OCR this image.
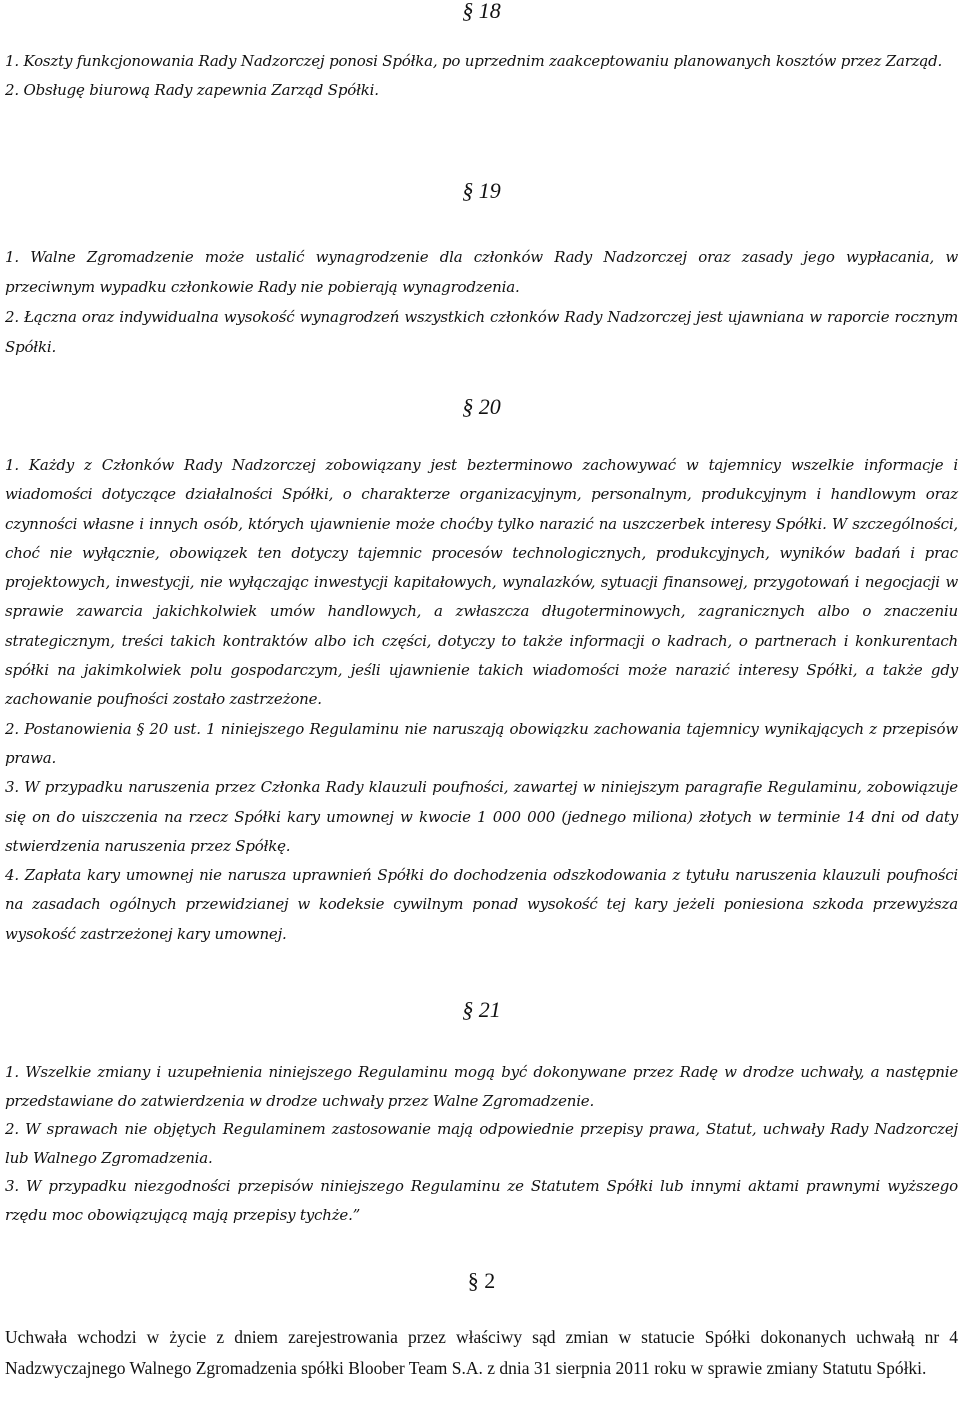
§ 18

1. Koszty funkcjonowania Rady Nadzorczej ponosi Spółka, po uprzednim zaakceptowaniu planowanych kosztów przez Zarząd.

2. Obsługę biurową Rady zapewnia Zarząd Spółki.

§ 19

1. Walne Zgromadzenie może ustalić wynagrodzenie dla członków Rady Nadzorczej oraz zasady jego wypłacania, w przeciwnym wypadku członkowie Rady nie pobierają wynagrodzenia.

2. Łączna oraz indywidualna wysokość wynagrodzeń wszystkich członków Rady Nadzorczej jest ujawniana w raporcie rocznym Spółki.

§ 20

1. Każdy z Członków Rady Nadzorczej zobowiązany jest bezterminowo zachowywać w tajemnicy wszelkie informacje i wiadomości dotyczące działalności Spółki, o charakterze organizacyjnym, personalnym, produkcyjnym i handlowym oraz czynności własne i innych osób, których ujawnienie może choćby tylko narazić na uszczerbek interesy Spółki. W szczególności, choć nie wyłącznie, obowiązek ten dotyczy tajemnic procesów technologicznych, produkcyjnych, wyników badań i prac projektowych, inwestycji, nie wyłączając inwestycji kapitałowych, wynalazków, sytuacji finansowej, przygotowań i negocjacji w sprawie zawarcia jakichkolwiek umów handlowych, a zwłaszcza długoterminowych, zagranicznych albo o znaczeniu strategicznym, treści takich kontraktów albo ich części, dotyczy to także informacji o kadrach, o partnerach i konkurentach spółki na jakimkolwiek polu gospodarczym, jeśli ujawnienie takich wiadomości może narazić interesy Spółki, a także gdy zachowanie poufności zostało zastrzeżone.

2. Postanowienia § 20 ust. 1 niniejszego Regulaminu nie naruszają obowiązku zachowania tajemnicy wynikających z przepisów prawa.

3. W przypadku naruszenia przez Członka Rady klauzuli poufności, zawartej w niniejszym paragrafie Regulaminu, zobowiązuje się on do uiszczenia na rzecz Spółki kary umownej w kwocie 1 000 000 (jednego miliona) złotych w terminie 14 dni od daty stwierdzenia naruszenia przez Spółkę.

4. Zapłata kary umownej nie narusza uprawnień Spółki do dochodzenia odszkodowania z tytułu naruszenia klauzuli poufności na zasadach ogólnych przewidzianej w kodeksie cywilnym ponad wysokość tej kary jeżeli poniesiona szkoda przewyższa wysokość zastrzeżonej kary umownej.

§ 21

1. Wszelkie zmiany i uzupełnienia niniejszego Regulaminu mogą być dokonywane przez Radę w drodze uchwały, a następnie przedstawiane do zatwierdzenia w drodze uchwały przez Walne Zgromadzenie.

2. W sprawach nie objętych Regulaminem zastosowanie mają odpowiednie przepisy prawa, Statut, uchwały Rady Nadzorczej lub Walnego Zgromadzenia.

3. W przypadku niezgodności przepisów niniejszego Regulaminu ze Statutem Spółki lub innymi aktami prawnymi wyższego rzędu moc obowiązującą mają przepisy tychże.”

§ 2

Uchwała wchodzi w życie z dniem zarejestrowania przez właściwy sąd zmian w statucie Spółki dokonanych uchwałą nr 4 Nadzwyczajnego Walnego Zgromadzenia spółki Bloober Team S.A. z dnia 31 sierpnia 2011 roku w sprawie zmiany Statutu Spółki.
